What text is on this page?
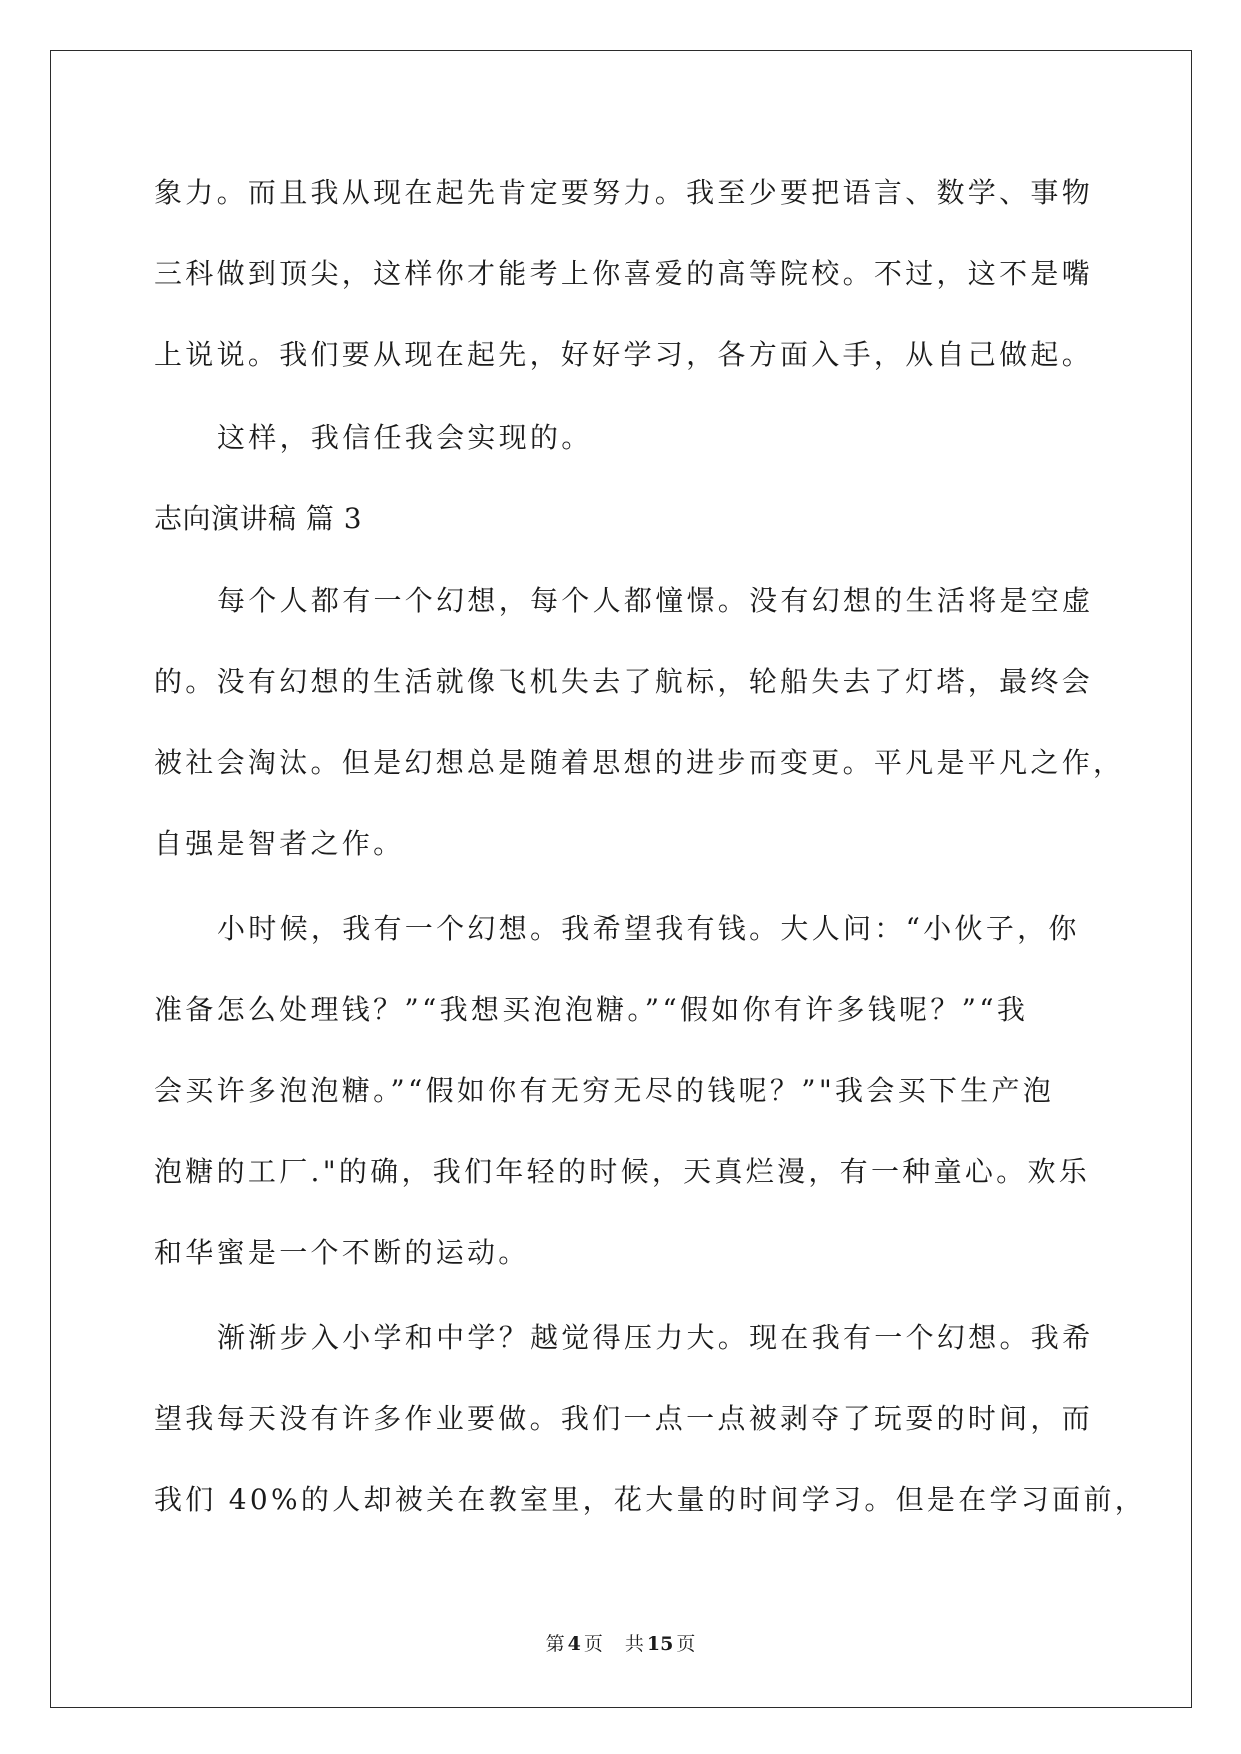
象力。而且我从现在起先肯定要努力。我至少要把语言、数学、事物
三科做到顶尖，这样你才能考上你喜爱的高等院校。不过，这不是嘴
上说说。我们要从现在起先，好好学习，各方面入手，从自己做起。
这样，我信任我会实现的。
志向演讲稿 篇 3
每个人都有一个幻想，每个人都憧憬。没有幻想的生活将是空虚
的。没有幻想的生活就像飞机失去了航标，轮船失去了灯塔，最终会
被社会淘汰。但是幻想总是随着思想的进步而变更。平凡是平凡之作，
自强是智者之作。
小时候，我有一个幻想。我希望我有钱。大人问：“小伙子，你
准备怎么处理钱？”“我想买泡泡糖。”“假如你有许多钱呢？”“我
会买许多泡泡糖。”“假如你有无穷无尽的钱呢？”"我会买下生产泡
泡糖的工厂."的确，我们年轻的时候，天真烂漫，有一种童心。欢乐
和华蜜是一个不断的运动。
渐渐步入小学和中学？越觉得压力大。现在我有一个幻想。我希
望我每天没有许多作业要做。我们一点一点被剥夺了玩耍的时间，而
我们 40%的人却被关在教室里，花大量的时间学习。但是在学习面前，
第 4 页 共 15 页
